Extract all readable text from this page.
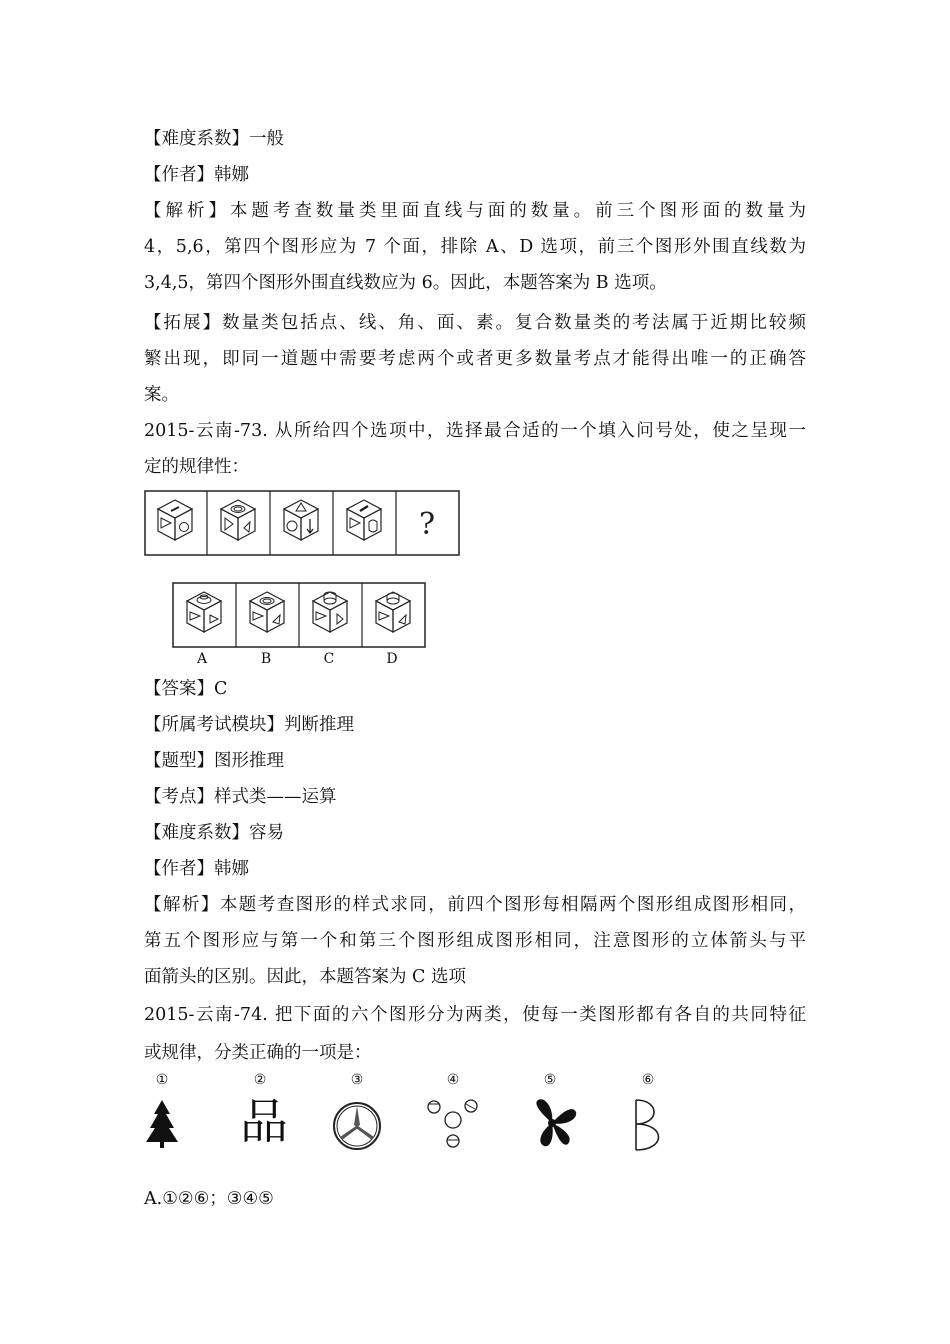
【难度系数】一般
【作者】韩娜
【解析】本题考查数量类里面直线与面的数量。前三个图形面的数量为
4，5,6，第四个图形应为 7 个面，排除 A、D 选项，前三个图形外围直线数为
3,4,5，第四个图形外围直线数应为 6。因此，本题答案为 B 选项。
【拓展】数量类包括点、线、角、面、素。复合数量类的考法属于近期比较频
繁出现，即同一道题中需要考虑两个或者更多数量考点才能得出唯一的正确答
案。
2015-云南-73. 从所给四个选项中，选择最合适的一个填入问号处，使之呈现一
定的规律性：
?
A	B	C	D
【答案】C
【所属考试模块】判断推理
【题型】图形推理
【考点】样式类——运算
【难度系数】容易
【作者】韩娜
【解析】本题考查图形的样式求同，前四个图形每相隔两个图形组成图形相同，
第五个图形应与第一个和第三个图形组成图形相同，注意图形的立体箭头与平
面箭头的区别。因此，本题答案为 C 选项
2015-云南-74. 把下面的六个图形分为两类，使每一类图形都有各自的共同特征
或规律，分类正确的一项是：
①	②	③	④	⑤	⑥
品
A.①②⑥；③④⑤
